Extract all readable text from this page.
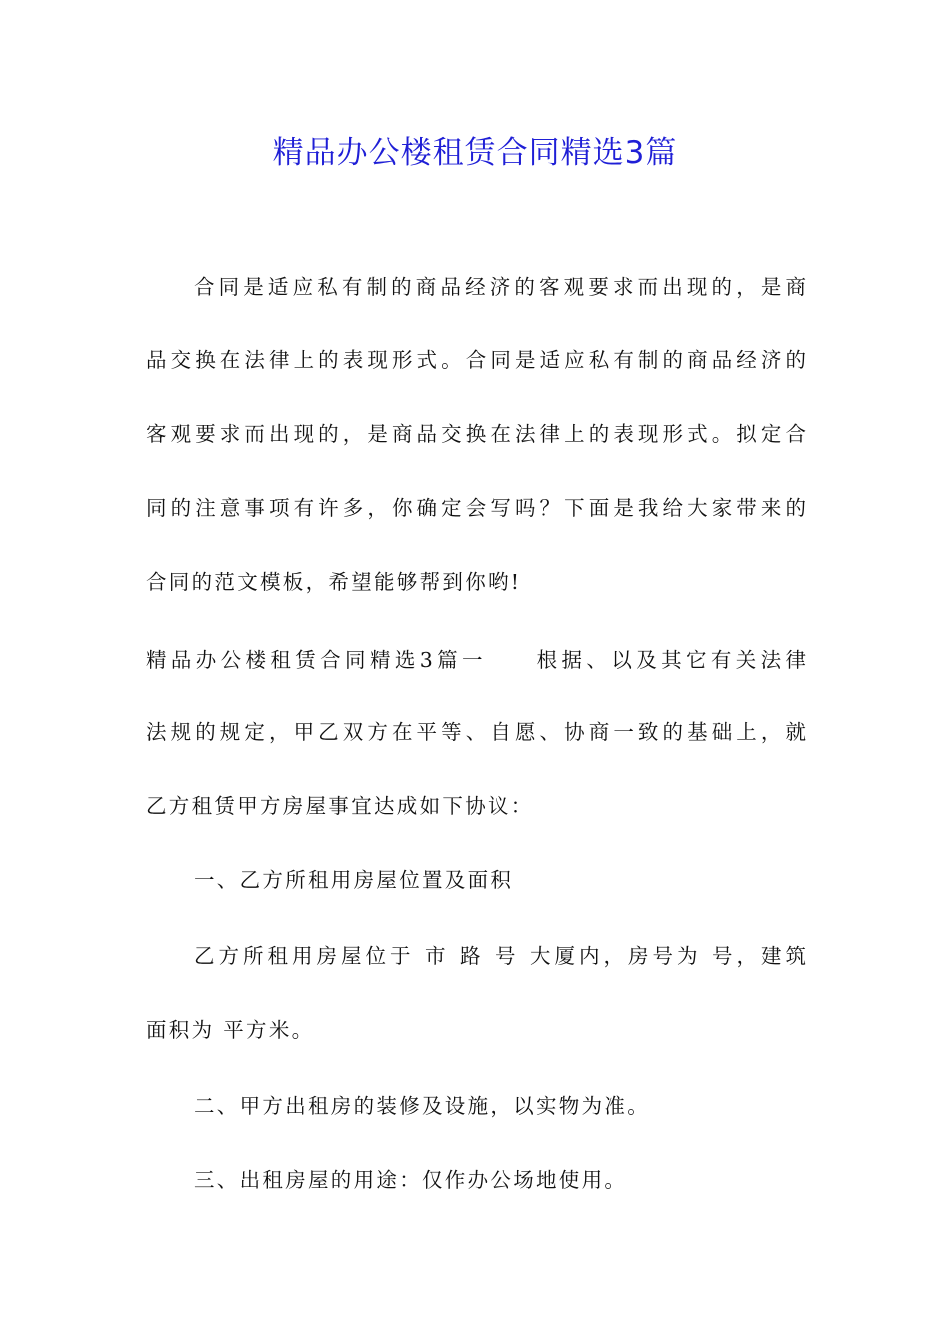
精品办公楼租赁合同精选3篇
合同是适应私有制的商品经济的客观要求而出现的，是商
品交换在法律上的表现形式。合同是适应私有制的商品经济的
客观要求而出现的，是商品交换在法律上的表现形式。拟定合
同的注意事项有许多，你确定会写吗？下面是我给大家带来的
合同的范文模板，希望能够帮到你哟!
精品办公楼租赁合同精选3篇一　　根据、以及其它有关法律
法规的规定，甲乙双方在平等、自愿、协商一致的基础上，就
乙方租赁甲方房屋事宜达成如下协议：
一、乙方所租用房屋位置及面积
乙方所租用房屋位于 市 路 号 大厦内，房号为 号，建筑
面积为 平方米。
二、甲方出租房的装修及设施，以实物为准。
三、出租房屋的用途：仅作办公场地使用。
